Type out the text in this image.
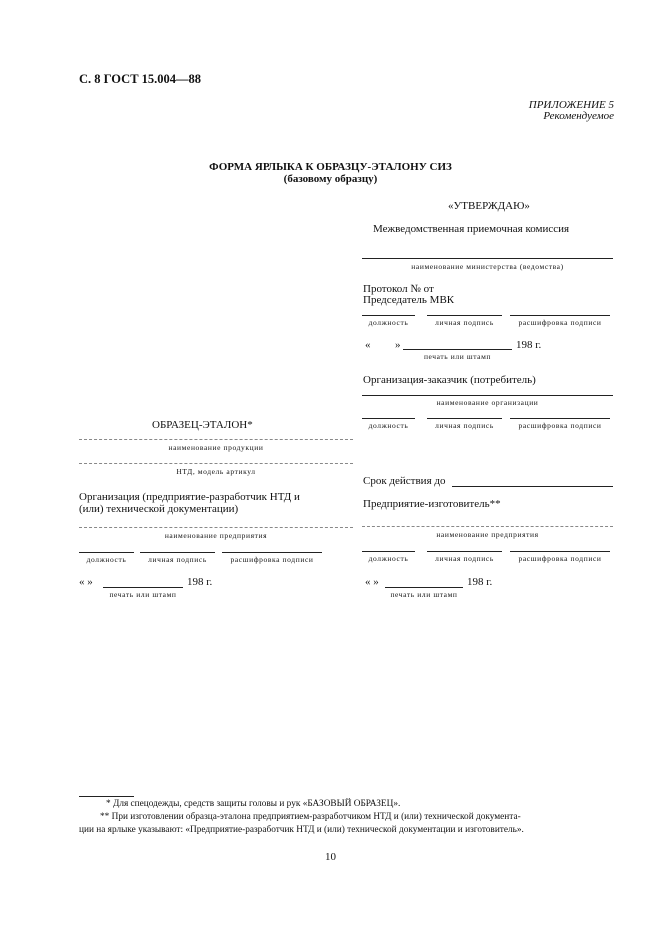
С. 8 ГОСТ 15.004—88
ПРИЛОЖЕНИЕ 5
Рекомендуемое
ФОРМА ЯРЛЫКА К ОБРАЗЦУ-ЭТАЛОНУ СИЗ
(базовому образцу)
«УТВЕРЖДАЮ»
Межведомственная приемочная комиссия
наименование министерства (ведомства)
Протокол № от
Председатель МВК
должность	личная подпись	расшифровка подписи
« »	198 г.
печать или штамп
Организация-заказчик (потребитель)
наименование организации
должность	личная подпись	расшифровка подписи
Срок действия до
Предприятие-изготовитель**
наименование предприятия
должность	личная подпись	расшифровка подписи
« »	198 г.
печать или штамп
ОБРАЗЕЦ-ЭТАЛОН*
наименование продукции
НТД, модель артикул
Организация (предприятие-разработчик НТД и
(или) технической документации)
наименование предприятия
должность	личная подпись	расшифровка подписи
« »	198 г.
печать или штамп
* Для спецодежды, средств защиты головы и рук «БАЗОВЫЙ ОБРАЗЕЦ».
** При изготовлении образца-эталона предприятием-разработчиком НТД и (или) технической документа-
ции на ярлыке указывают: «Предприятие-разработчик НТД и (или) технической документации и изготовитель».
10
